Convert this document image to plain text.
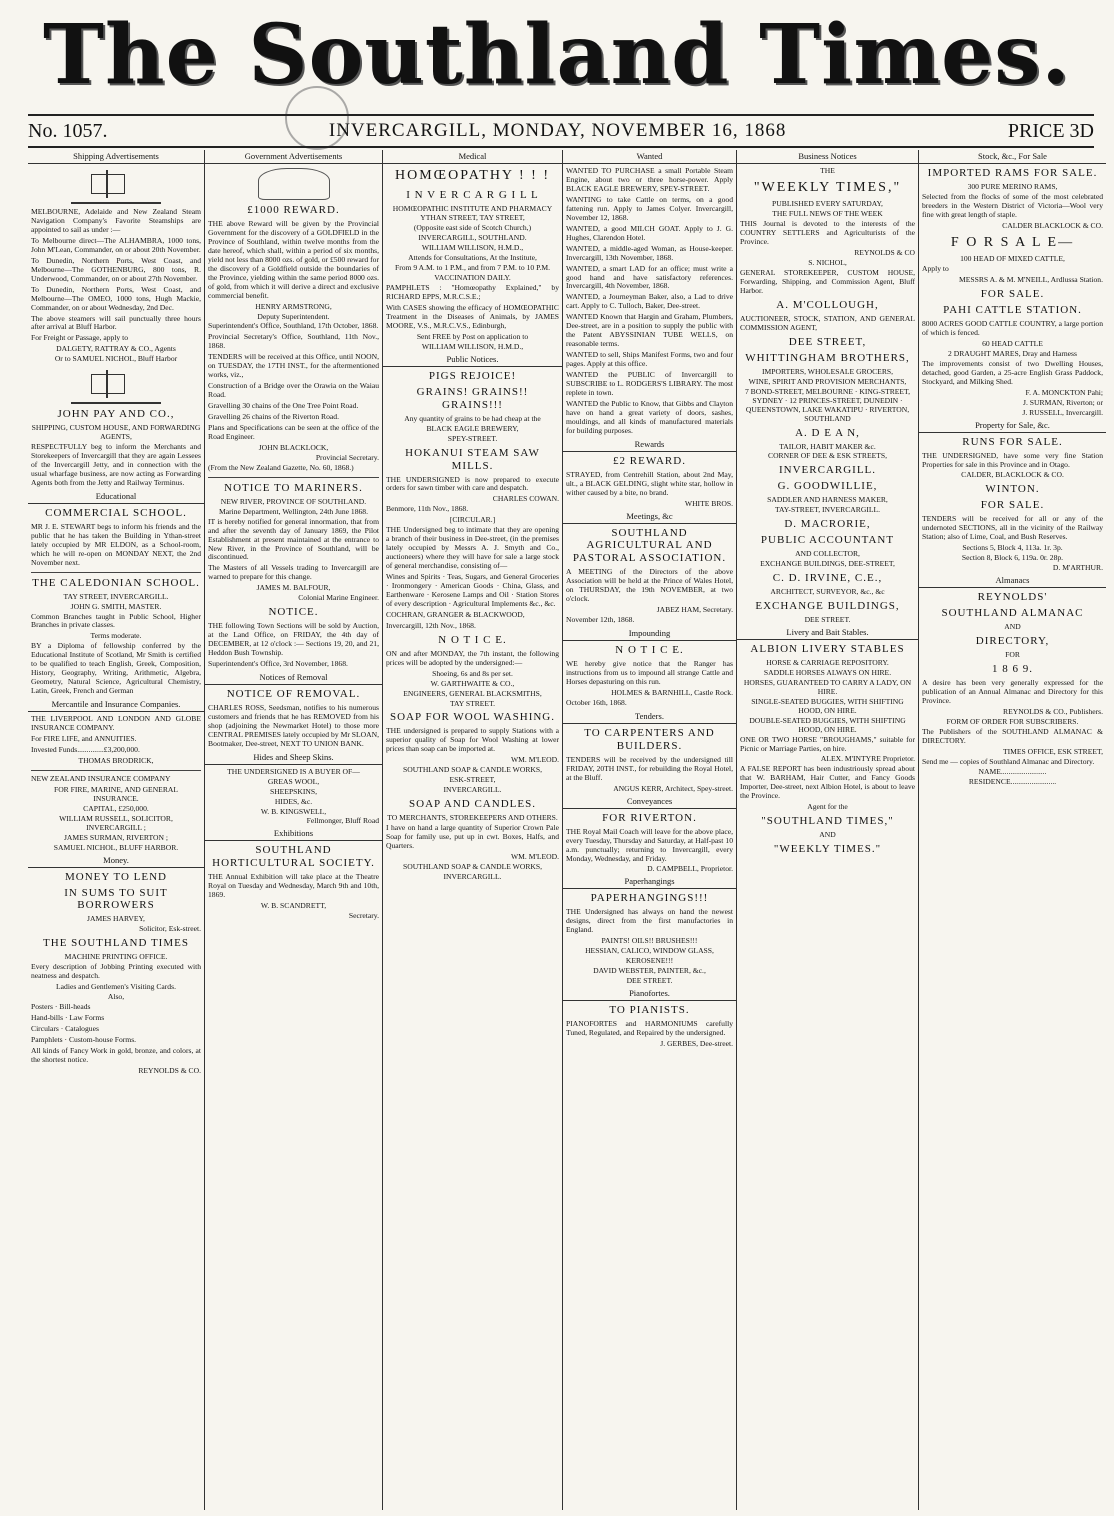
The Southland Times.
No. 1057.	INVERCARGILL, MONDAY, NOVEMBER 16, 1868	PRICE 3D
Shipping Advertisements

MELBOURNE, Adelaide and New Zealand Steam Navigation Company's Favorite Steamships are appointed to sail as under :—

To Melbourne direct—The ALHAMBRA, 1000 tons, John M'Lean, Commander, on or about 20th November.

To Dunedin, Northern Ports, West Coast, and Melbourne—The GOTHENBURG, 800 tons, R. Underwood, Commander, on or about 27th November.

To Dunedin, Northern Ports, West Coast, and Melbourne—The OMEO, 1000 tons, Hugh Mackie, Commander, on or about Wednesday, 2nd Dec.

The above steamers will sail punctually three hours after arrival at Bluff Harbor.

For Freight or Passage, apply to

DALGETY, RATTRAY & CO., Agents

Or to SAMUEL NICHOL, Bluff Harbor

JOHN PAY AND CO.,

SHIPPING, CUSTOM HOUSE, AND FORWARDING AGENTS,

RESPECTFULLY beg to inform the Merchants and Storekeepers of Invercargill that they are again Lessees of the Invercargill Jetty, and in connection with the usual wharfage business, are now acting as Forwarding Agents both from the Jetty and Railway Terminus.

Educational
COMMERCIAL SCHOOL.

MR J. E. STEWART begs to inform his friends and the public that he has taken the Building in Ythan-street lately occupied by MR ELDON, as a School-room, which he will re-open on MONDAY NEXT, the 2nd November next.

THE CALEDONIAN SCHOOL.

TAY STREET, INVERCARGILL.

JOHN G. SMITH, MASTER.

Common Branches taught in Public School, Higher Branches in private classes.

Terms moderate.

BY a Diploma of fellowship conferred by the Educational Institute of Scotland, Mr Smith is certified to be qualified to teach English, Greek, Composition, History, Geography, Writing, Arithmetic, Algebra, Geometry, Natural Science, Agricultural Chemistry, Latin, Greek, French and German

Mercantile and Insurance Companies.

THE LIVERPOOL AND LONDON AND GLOBE INSURANCE COMPANY.

For FIRE LIFE, and ANNUITIES.

Invested Funds..............£3,200,000.

THOMAS BRODRICK,

NEW ZEALAND INSURANCE COMPANY

FOR FIRE, MARINE, AND GENERAL INSURANCE.

CAPITAL, £250,000.

WILLIAM RUSSELL, SOLICITOR, INVERCARGILL ;

JAMES SURMAN, RIVERTON ;

SAMUEL NICHOL, BLUFF HARBOR.

Money.
MONEY TO LEND
IN SUMS TO SUIT BORROWERS

JAMES HARVEY,

Solicitor, Esk-street.

THE SOUTHLAND TIMES

MACHINE PRINTING OFFICE.

Every description of Jobbing Printing executed with neatness and despatch.

Ladies and Gentlemen's Visiting Cards.

Also,

Posters · Bill-heads

Hand-bills · Law Forms

Circulars · Catalogues

Pamphlets · Custom-house Forms.

All kinds of Fancy Work in gold, bronze, and colors, at the shortest notice.

REYNOLDS & CO.

Government Advertisements
£1000 REWARD.

THE above Reward will be given by the Provincial Government for the discovery of a GOLDFIELD in the Province of Southland, within twelve months from the date hereof, which shall, within a period of six months, yield not less than 8000 ozs. of gold, or £500 reward for the discovery of a Goldfield outside the boundaries of the Province, yielding within the same period 8000 ozs. of gold, from which it will derive a direct and exclusive commercial benefit.

HENRY ARMSTRONG,

Deputy Superintendent.

Superintendent's Office, Southland, 17th October, 1868.

Provincial Secretary's Office, Southland, 11th Nov., 1868.

TENDERS will be received at this Office, until NOON, on TUESDAY, the 17TH INST., for the aftermentioned works, viz.,

Construction of a Bridge over the Orawia on the Waiau Road.

Gravelling 30 chains of the One Tree Point Road.

Gravelling 26 chains of the Riverton Road.

Plans and Specifications can be seen at the office of the Road Engineer.

JOHN BLACKLOCK,

Provincial Secretary.

(From the New Zealand Gazette, No. 60, 1868.)

NOTICE TO MARINERS.

NEW RIVER, PROVINCE OF SOUTHLAND.

Marine Department, Wellington, 24th June 1868.

IT is hereby notified for general innormation, that from and after the seventh day of January 1869, the Pilot Establishment at present maintained at the entrance to New River, in the Province of Southland, will be discontinued.

The Masters of all Vessels trading to Invercargill are warned to prepare for this change.

JAMES M. BALFOUR,

Colonial Marine Engineer.

NOTICE.

THE following Town Sections will be sold by Auction, at the Land Office, on FRIDAY, the 4th day of DECEMBER, at 12 o'clock :— Sections 19, 20, and 21, Heddon Bush Township.

Superintendent's Office, 3rd November, 1868.

Notices of Removal
NOTICE OF REMOVAL.

CHARLES ROSS, Seedsman, notifies to his numerous customers and friends that he has REMOVED from his shop (adjoining the Newmarket Hotel) to those more CENTRAL PREMISES lately occupied by Mr SLOAN, Bootmaker, Dee-street, NEXT TO UNION BANK.

Hides and Sheep Skins.

THE UNDERSIGNED IS A BUYER OF—

GREAS WOOL,

SHEEPSKINS,

HIDES, &c.

W. B. KINGSWELL,

Fellmonger, Bluff Road

Exhibitions
SOUTHLAND HORTICULTURAL SOCIETY.

THE Annual Exhibition will take place at the Theatre Royal on Tuesday and Wednesday, March 9th and 10th, 1869.

W. B. SCANDRETT,

Secretary.

Medical
HOMŒOPATHY ! ! !
I N V E R C A R G I L L

HOMŒOPATHIC INSTITUTE AND PHARMACY

YTHAN STREET, TAY STREET,

(Opposite east side of Scotch Church,)

INVERCARGILL, SOUTHLAND.

WILLIAM WILLISON, H.M.D.,

Attends for Consultations, At the Institute,

From 9 A.M. to 1 P.M., and from 7 P.M. to 10 P.M.

VACCINATION DAILY.

PAMPHLETS : "Homœopathy Explained," by RICHARD EPPS, M.R.C.S.E.;

With CASES showing the efficacy of HOMŒOPATHIC Treatment in the Diseases of Animals, by JAMES MOORE, V.S., M.R.C.V.S., Edinburgh,

Sent FREE by Post on application to

WILLIAM WILLISON, H.M.D.,

Public Notices.
PIGS REJOICE!
GRAINS! GRAINS!! GRAINS!!!

Any quantity of grains to be had cheap at the

BLACK EAGLE BREWERY,

SPEY-STREET.

HOKANUI STEAM SAW MILLS.

THE UNDERSIGNED is now prepared to execute orders for sawn timber with care and despatch.

CHARLES COWAN.

Benmore, 11th Nov., 1868.

[CIRCULAR.]

THE Undersigned beg to intimate that they are opening a branch of their business in Dee-street, (in the premises lately occupied by Messrs A. J. Smyth and Co., auctioneers) where they will have for sale a large stock of general merchandise, consisting of—

Wines and Spirits · Teas, Sugars, and General Groceries · Ironmongery · American Goods · China, Glass, and Earthenware · Kerosene Lamps and Oil · Station Stores of every description · Agricultural Implements &c., &c.

COCHRAN, GRANGER & BLACKWOOD,

Invercargill, 12th Nov., 1868.

N O T I C E.

ON and after MONDAY, the 7th instant, the following prices will be adopted by the undersigned:—

Shoeing, 6s and 8s per set.

W. GARTHWAITE & CO.,

ENGINEERS, GENERAL BLACKSMITHS,

TAY STREET.

SOAP FOR WOOL WASHING.

THE undersigned is prepared to supply Stations with a superior quality of Soap for Wool Washing at lower prices than soap can be imported at.

WM. M'LEOD.

SOUTHLAND SOAP & CANDLE WORKS,

ESK-STREET,

INVERCARGILL.

SOAP AND CANDLES.

TO MERCHANTS, STOREKEEPERS AND OTHERS.

I have on hand a large quantity of Superior Crown Pale Soap for family use, put up in cwt. Boxes, Halfs, and Quarters.

WM. M'LEOD.

SOUTHLAND SOAP & CANDLE WORKS,

INVERCARGILL.

Wanted

WANTED TO PURCHASE a small Portable Steam Engine, about two or three horse-power. Apply BLACK EAGLE BREWERY, SPEY-STREET.

WANTING to take Cattle on terms, on a good fattening run. Apply to James Colyer. Invercargill, November 12, 1868.

WANTED, a good MILCH GOAT. Apply to J. G. Hughes, Clarendon Hotel.

WANTED, a middle-aged Woman, as House-keeper. Invercargill, 13th November, 1868.

WANTED, a smart LAD for an office; must write a good hand and have satisfactory references. Invercargill, 4th November, 1868.

WANTED, a Journeyman Baker, also, a Lad to drive cart. Apply to C. Tulloch, Baker, Dee-street.

WANTED Known that Hargin and Graham, Plumbers, Dee-street, are in a position to supply the public with the Patent ABYSSINIAN TUBE WELLS, on reasonable terms.

WANTED to sell, Ships Manifest Forms, two and four pages. Apply at this office.

WANTED the PUBLIC of Invercargill to SUBSCRIBE to L. RODGERS'S LIBRARY. The most replete in town.

WANTED the Public to Know, that Gibbs and Clayton have on hand a great variety of doors, sashes, mouldings, and all kinds of manufactured materials for building purposes.

Rewards
£2 REWARD.

STRAYED, from Centrehill Station, about 2nd May, ult., a BLACK GELDING, slight white star, hollow in wither caused by a bite, no brand.

WHITE BROS.

Meetings, &c
SOUTHLAND AGRICULTURAL AND PASTORAL ASSOCIATION.

A MEETING of the Directors of the above Association will be held at the Prince of Wales Hotel, on THURSDAY, the 19th NOVEMBER, at two o'clock.

JABEZ HAM, Secretary.

November 12th, 1868.

Impounding
N O T I C E.

WE hereby give notice that the Ranger has instructions from us to impound all strange Cattle and Horses depasturing on this run.

HOLMES & BARNHILL, Castle Rock.

October 16th, 1868.

Tenders.
TO CARPENTERS AND BUILDERS.

TENDERS will be received by the undersigned till FRIDAY, 20TH INST., for rebuilding the Royal Hotel, at the Bluff.

ANGUS KERR, Architect, Spey-street.

Conveyances
FOR RIVERTON.

THE Royal Mail Coach will leave for the above place, every Tuesday, Thursday and Saturday, at Half-past 10 a.m. punctually; returning to Invercargill, every Monday, Wednesday, and Friday.

D. CAMPBELL, Proprietor.

Paperhangings
PAPERHANGINGS!!!

THE Undersigned has always on hand the newest designs, direct from the first manufactories in England.

PAINTS! OILS!! BRUSHES!!!

HESSIAN, CALICO, WINDOW GLASS,

KEROSENE!!!

DAVID WEBSTER, PAINTER, &c.,

DEE STREET.

Pianofortes.
TO PIANISTS.

PIANOFORTES and HARMONIUMS carefully Tuned, Regulated, and Repaired by the undersigned.

J. GERBES, Dee-street.

Business Notices

THE

"WEEKLY TIMES,"

PUBLISHED EVERY SATURDAY,

THE FULL NEWS OF THE WEEK

THIS Journal is devoted to the interests of the COUNTRY SETTLERS and Agriculturists of the Province.

REYNOLDS & CO

S. NICHOL,

GENERAL STOREKEEPER, CUSTOM HOUSE, Forwarding, Shipping, and Commission Agent, Bluff Harbor.

A. M'COLLOUGH,

AUCTIONEER, STOCK, STATION, AND GENERAL COMMISSION AGENT,

DEE STREET,
WHITTINGHAM BROTHERS,

IMPORTERS, WHOLESALE GROCERS,

WINE, SPIRIT AND PROVISION MERCHANTS,

7 BOND-STREET, MELBOURNE · KING-STREET, SYDNEY · 12 PRINCES-STREET, DUNEDIN · QUEENSTOWN, LAKE WAKATIPU · RIVERTON, SOUTHLAND

A. D E A N,

TAILOR, HABIT MAKER &c.

CORNER OF DEE & ESK STREETS,

INVERCARGILL.
G. GOODWILLIE,

SADDLER AND HARNESS MAKER,

TAY-STREET, INVERCARGILL.

D. MACRORIE,
PUBLIC ACCOUNTANT

AND COLLECTOR,

EXCHANGE BUILDINGS, DEE-STREET,

C. D. IRVINE, C.E.,

ARCHITECT, SURVEYOR, &c., &c

EXCHANGE BUILDINGS,

DEE STREET.

Livery and Bait Stables.
ALBION LIVERY STABLES

HORSE & CARRIAGE REPOSITORY.

SADDLE HORSES ALWAYS ON HIRE.

HORSES, GUARANTEED TO CARRY A LADY, ON HIRE.

SINGLE-SEATED BUGGIES, WITH SHIFTING HOOD, ON HIRE.

DOUBLE-SEATED BUGGIES, WITH SHIFTING HOOD, ON HIRE.

ONE OR TWO HORSE "BROUGHAMS," suitable for Picnic or Marriage Parties, on hire.

ALEX. M'INTYRE Proprietor.

A FALSE REPORT has been industriously spread about that W. BARHAM, Hair Cutter, and Fancy Goods Importer, Dee-street, next Albion Hotel, is about to leave the Province.

Agent for the

"SOUTHLAND TIMES,"

AND

"WEEKLY TIMES."
Stock, &c., For Sale
IMPORTED RAMS FOR SALE.

300 PURE MERINO RAMS,

Selected from the flocks of some of the most celebrated breeders in the Western District of Victoria—Wool very fine with great length of staple.

CALDER BLACKLOCK & CO.

F O R S A L E—

100 HEAD OF MIXED CATTLE,

Apply to

MESSRS A. & M. M'NEILL, Ardlussa Station.

FOR SALE.
PAHI CATTLE STATION.

8000 ACRES GOOD CATTLE COUNTRY, a large portion of which is fenced.

60 HEAD CATTLE

2 DRAUGHT MARES, Dray and Harness

The improvements consist of two Dwelling Houses, detached, good Garden, a 25-acre English Grass Paddock, Stockyard, and Milking Shed.

F. A. MONCKTON Pahi;

J. SURMAN, Riverton; or

J. RUSSELL, Invercargill.

Property for Sale, &c.
RUNS FOR SALE.

THE UNDERSIGNED, have some very fine Station Properties for sale in this Province and in Otago.

CALDER, BLACKLOCK & CO.

WINTON.
FOR SALE.

TENDERS will be received for all or any of the undernoted SECTIONS, all in the vicinity of the Railway Station; also of Lime, Coal, and Bush Reserves.

Sections 5, Block 4, 113a. 1r. 3p.

Section 8, Block 6, 119a. 0r. 28p.

D. M'ARTHUR.

Almanacs
REYNOLDS'
SOUTHLAND ALMANAC

AND

DIRECTORY,

FOR

1 8 6 9.

A desire has been very generally expressed for the publication of an Annual Almanac and Directory for this Province.

REYNOLDS & CO., Publishers.

FORM OF ORDER FOR SUBSCRIBERS.

The Publishers of the SOUTHLAND ALMANAC & DIRECTORY.

TIMES OFFICE, ESK STREET,

Send me — copies of Southland Almanac and Directory.

NAME........................

RESIDENCE........................
